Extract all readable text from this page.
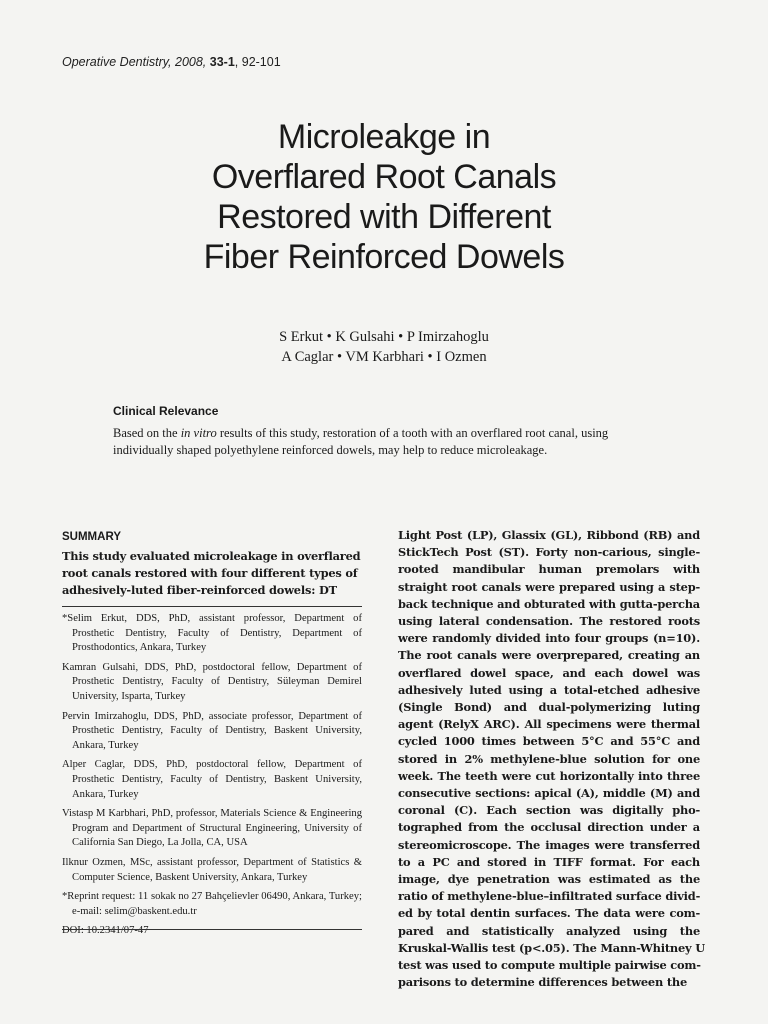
Operative Dentistry, 2008, 33-1, 92-101
Microleakge in
Overflared Root Canals
Restored with Different
Fiber Reinforced Dowels
S Erkut • K Gulsahi • P Imirzahoglu
A Caglar • VM Karbhari • I Ozmen
Clinical Relevance
Based on the in vitro results of this study, restoration of a tooth with an overflared root canal, using individually shaped polyethylene reinforced dowels, may help to reduce microleakage.
SUMMARY
This study evaluated microleakage in overflared
root canals restored with four different types of
adhesively-luted fiber-reinforced dowels: DT

*Selim Erkut, DDS, PhD, assistant professor, Department of Prosthetic Dentistry, Faculty of Dentistry, Department of Prosthodontics, Ankara, Turkey

Kamran Gulsahi, DDS, PhD, postdoctoral fellow, Department of Prosthetic Dentistry, Faculty of Dentistry, Süleyman Demirel University, Isparta, Turkey

Pervin Imirzahoglu, DDS, PhD, associate professor, Department of Prosthetic Dentistry, Faculty of Dentistry, Baskent University, Ankara, Turkey

Alper Caglar, DDS, PhD, postdoctoral fellow, Department of Prosthetic Dentistry, Faculty of Dentistry, Baskent University, Ankara, Turkey

Vistasp M Karbhari, PhD, professor, Materials Science & Engineering Program and Department of Structural Engineering, University of California San Diego, La Jolla, CA, USA

Ilknur Ozmen, MSc, assistant professor, Department of Statistics & Computer Science, Baskent University, Ankara, Turkey

*Reprint request: 11 sokak no 27 Bahçelievler 06490, Ankara, Turkey; e-mail: selim@baskent.edu.tr

DOI: 10.2341/07-47

Light Post (LP), Glassix (GL), Ribbond (RB) and
StickTech Post (ST). Forty non-carious, single-
rooted mandibular human premolars with
straight root canals were prepared using a step-
back technique and obturated with gutta-percha
using lateral condensation. The restored roots
were randomly divided into four groups (n=10).
The root canals were overprepared, creating an
overflared dowel space, and each dowel was
adhesively luted using a total-etched adhesive
(Single Bond) and dual-polymerizing luting
agent (RelyX ARC). All specimens were thermal
cycled 1000 times between 5°C and 55°C and
stored in 2% methylene-blue solution for one
week. The teeth were cut horizontally into three
consecutive sections: apical (A), middle (M) and
coronal (C). Each section was digitally pho-
tographed from the occlusal direction under a
stereomicroscope. The images were transferred
to a PC and stored in TIFF format. For each
image, dye penetration was estimated as the
ratio of methylene-blue–infiltrated surface divid-
ed by total dentin surfaces. The data were com-
pared and statistically analyzed using the
Kruskal-Wallis test (p<.05). The Mann-Whitney U
test was used to compute multiple pairwise com-
parisons to determine differences between the
